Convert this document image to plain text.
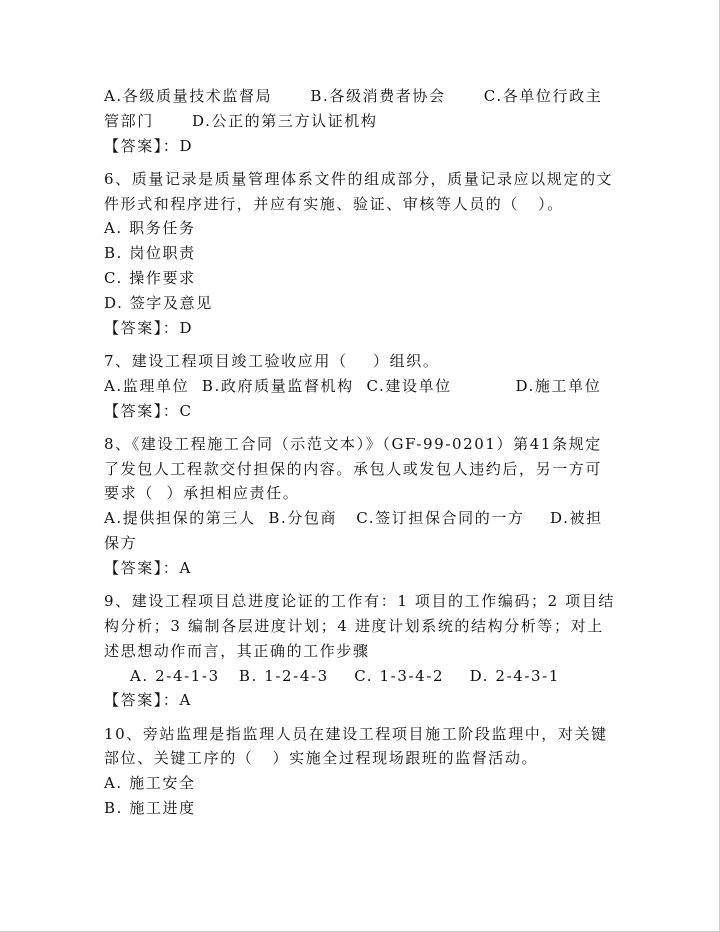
A.各级质量技术监督局      B.各级消费者协会      C.各单位行政主
管部门      D.公正的第三方认证机构
【答案】：D
6、质量记录是质量管理体系文件的组成部分，质量记录应以规定的文
件形式和程序进行，并应有实施、验证、审核等人员的（   ）。
A. 职务任务
B. 岗位职责
C. 操作要求
D. 签字及意见
【答案】：D
7、建设工程项目竣工验收应用（    ）组织。
A.监理单位  B.政府质量监督机构  C.建设单位          D.施工单位
【答案】：C
8、《建设工程施工合同（示范文本）》（GF-99-0201）第41条规定
了发包人工程款交付担保的内容。承包人或发包人违约后，另一方可
要求（  ）承担相应责任。
A.提供担保的第三人  B.分包商   C.签订担保合同的一方    D.被担
保方
【答案】：A
9、建设工程项目总进度论证的工作有：1 项目的工作编码；2 项目结
构分析；3 编制各层进度计划；4 进度计划系统的结构分析等；对上
述思想动作而言，其正确的工作步骤
A. 2-4-1-3   B. 1-2-4-3    C. 1-3-4-2    D. 2-4-3-1
【答案】：A
10、旁站监理是指监理人员在建设工程项目施工阶段监理中，对关键
部位、关键工序的（   ）实施全过程现场跟班的监督活动。
A. 施工安全
B. 施工进度
